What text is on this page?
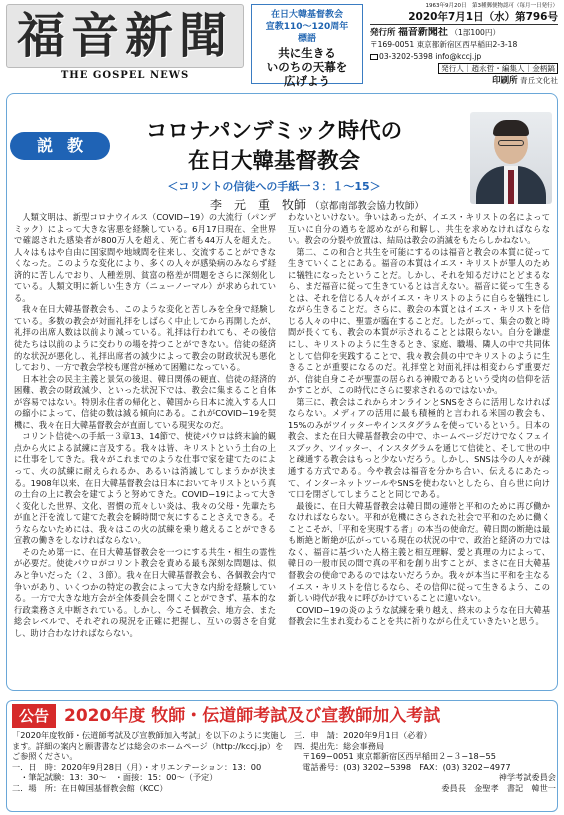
福音新聞
THE GOSPEL NEWS
在日大韓基督教会
宣教110〜120周年
標語
共に生きる
いのちの天幕を
広げよう
1963年9月20日　第3種郵便物認可（毎月一日発行）
2020年7月1日（水）第796号
発行所 福音新聞社 （1部100円）
〒169-0051 東京都新宿区西早稲田2-3-18
03-3202-5398 info@kccj.jp
発行人｜趙永哲・編集人｜金柄鎬
印刷所 青丘文化社
説教
コロナパンデミック時代の
在日大韓基督教会
＜コリントの信徒への手紙一３：１〜15＞
李　元　重　牧師 （京都南部教会協力牧師）

人類文明は、新型コロナウイルス（COVID−19）の大流行（パンデミック）によって大きな害悪を経験している。6月17日現在、全世界で確認された感染者が800万人を超え、死亡者も44万人を超えた。人々はもはや自由に国家間や地域間を往来し、交流することができなくなった。このような変化により、多くの人々が感染病のみならず経済的に苦しんでおり、人種差別、貧富の格差が問題をさらに深刻化している。人類文明に新しい生き方（ニューノーマル）が求められている。

我々在日大韓基督教会も、このような変化と苦しみを全身で経験している。多数の教会が対面礼拝をしばらく中止してから再開したが、礼拝の出席人数は以前より減っている。礼拝は行われても、その後信徒たちは以前のように交わりの場を持つことができない。信徒の経済的な状況が悪化し、礼拝出席者の減少によって教会の財政状況も悪化しており、一方で教会学校も運営が極めて困難になっている。

日本社会の民主主義と景気の後退、韓日関係の硬直、信徒の経済的困難、教会の財政減少、といった状況下では、教会に集まること自体が容易ではない。特別永住者の帰化と、韓国から日本に流入する人口の縮小によって、信徒の数は減る傾向にある。これがCOVID−19を契機に、我々在日大韓基督教会が直面している現実なのだ。

コリント信徒への手紙一３章13、14節で、使徒パウロは終末論的観点から火による試練に言及する。我々は皆、キリストという土台の上に仕事をしてきた。我々がこれまでのような仕事で家を建てたのによって、火の試練に耐えられるか、あるいは消滅してしまうかが決まる。1908年以来、在日大韓基督教会は日本においてキリストという真の土台の上に教会を建てようと努めてきた。COVID−19によって大きく変化した世界、文化、習慣の荒々しい炎は、我々の父母・先輩たちが血と汗を流して建てた教会を瞬時間で灰にすることさえできる。そうならないためには、我々はこの火の試練を乗り越えることができる宣教の働きをしなければならない。

そのため第一に、在日大韓基督教会を一つにする共生・相生の霊性が必要だ。使徒パウロがコリント教会を責める最も深刻な問題は、似みと争いだった（２、３節）。我々在日大韓基督教会も、各個教会内で争いがあり、いくつかの特定の教会によって大きな内紛を経験している。一方で大きな地方会が全体委員会を開くことができず、基本的な行政業務さえ中断されている。しかし、今こそ個教会、地方会、また総会レベルで、それぞれの現況を正確に把握し、互いの弱さを自覚し、助け合わなければならない。

わないといけない。争いはあったが、イエス・キリストの名によって互いに自分の過ちを認めながら和解し、共生を求めなければならない。教会の分裂や放置は、結局は教会の消滅をもたらしかねない。

第二、この和合と共生を可能にするのは福音と教会の本質に従って生きていくことにある。福音の本質はイエス・キリストが罪人のために犠牲になったということだ。しかし、それを知るだけにとどまるなら、まだ福音に従って生きているとは言えない。福音に従って生きるとは、それを信じる人々がイエス・キリストのように自らを犠牲にしながら生きることだ。さらに、教会の本質とはイエス・キリストを信じる人々の中に、聖霊が臨在することだ。したがって、集会の数と時間が長くても、教会の本質が示されることとは限らない。自分を謙虚にし、キリストのように生きるとき、家庭、職場、隣人の中で共同体として信仰を実践することで、我々教会員の中でキリストのように生きることが重要になるのだ。礼拝堂と対面礼拝は相変わらず重要だが、信徒自身こそが聖霊の居られる神殿であるという受肉の信仰を活かすことが、この時代にさらに要求されるのではないか。

第三に、教会はこれからオンラインとSNSをさらに活用しなければならない。メディアの活用に最も積極的と言われる米国の教会も、15%のみがツイッターやインスタグラムを使っているという。日本の教会、また在日大韓基督教会の中で、ホームページだけでなくフェイスブック、ツイッター、インスタグラムを通じて信徒と、そして世の中と疎通する教会はもっと少ないだろう。しかし、SNSは今の人々が疎通する方式である。今や教会は福音を分かち合い、伝えるにあたって、インターネットツールやSNSを使わないとしたら、自ら世に向けて口を閉ざしてしまうことと同じである。

最後に、在日大韓基督教会は韓日間の連帯と平和のために再び働かなければならない。平和が危機にさらされた社会で平和のために働くことこそが、「平和を実現する者」の本当の使命だ。韓日間の断絶は最も断絶と断絶が広がっている現在の状況の中で、政治と経済の力ではなく、福音に基づいた人格主義と相互理解、愛と真理の力によって、韓日の一般市民の間で真の平和を創り出すことが、まさに在日大韓基督教会の使命であるのではないだろうか。我々が本当に平和を主なるイエス・キリストを信じるなら、その信仰に従って生きるよう、この新しい時代が我々に呼びかけていることに違いない。

COVID−19の炎のような試練を乗り越え、終末のような在日大韓基督教会に生まれ変わることを共に祈りながら仕えていきたいと思う。

公告 2020年度 牧師・伝道師考試及び宣教師加入考試
「2020年度牧師・伝道師考試及び宣教師加入考試」を以下のように実施します。詳細の案内と願書書などは総会のホームページ（http://kccj.jp）をご参照ください。
一．日　時：2020年9月28日（月）・オリエンテーション：13：00
　・筆記試験：13：30〜　・面接：15：00〜（予定）
二．場　所：在日韓国基督教会館（KCC）
三．申　請：2020年9月1日（必着）
四．提出先：総会事務局
　〒169−0051 東京都新宿区西早稲田２−３−18−55
　電話番号：(03) 3202−5398　FAX：(03) 3202−4977
神学考試委員会
委員長　金聖孝　書記　韓世一
